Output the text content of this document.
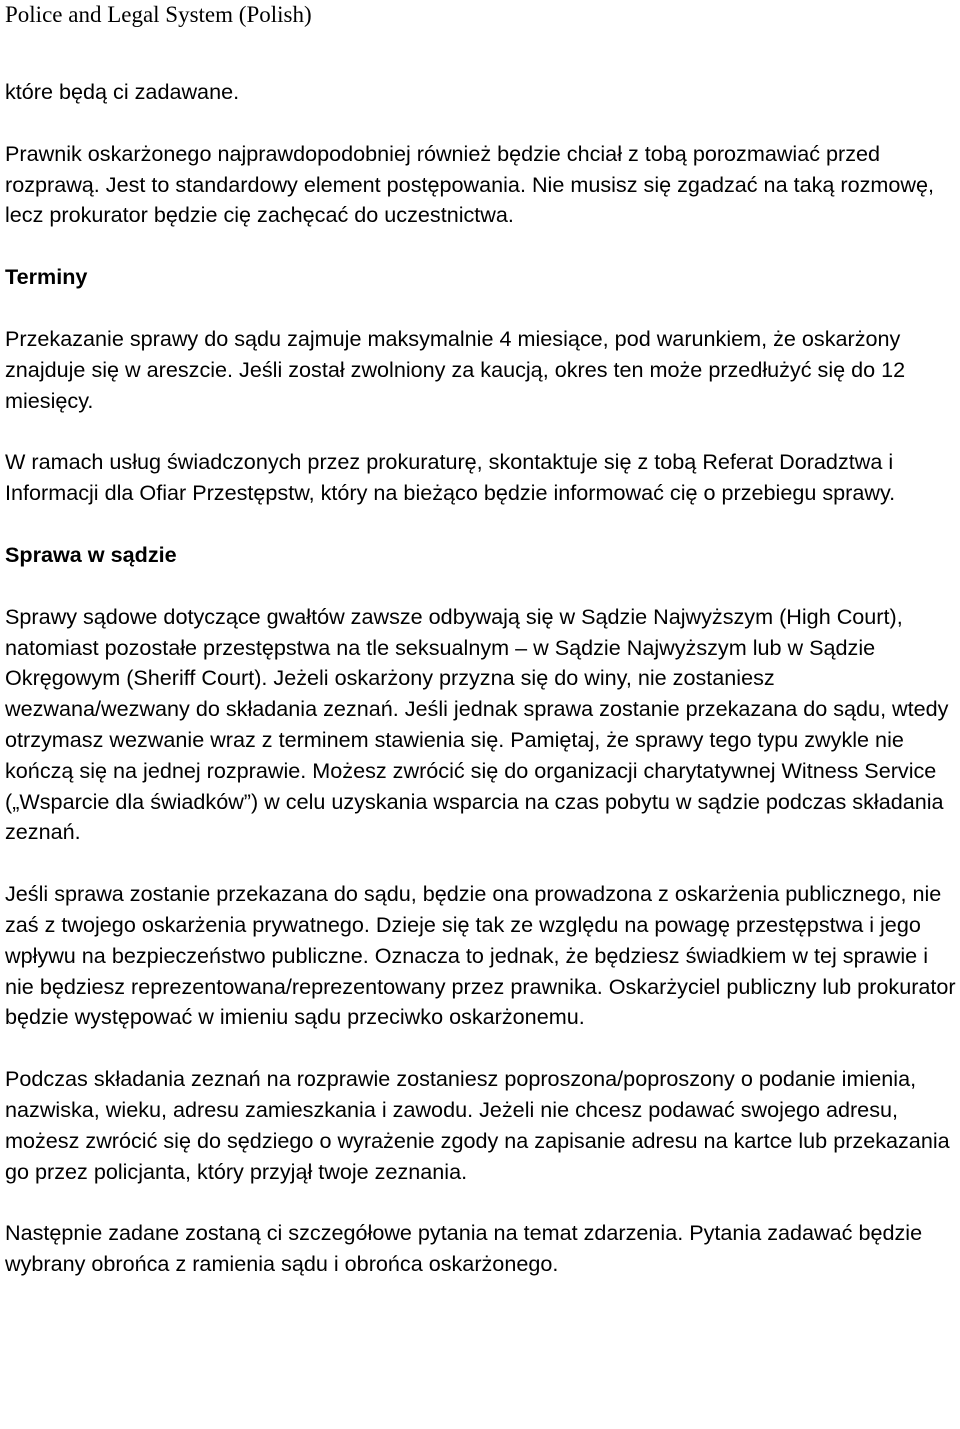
Police and Legal System (Polish)

które będą ci zadawane.

Prawnik oskarżonego najprawdopodobniej również będzie chciał z tobą porozmawiać przed rozprawą. Jest to standardowy element postępowania. Nie musisz się zgadzać na taką rozmowę, lecz prokurator będzie cię zachęcać do uczestnictwa.

Terminy

Przekazanie sprawy do sądu zajmuje maksymalnie 4 miesiące, pod warunkiem, że oskarżony znajduje się w areszcie. Jeśli został zwolniony za kaucją, okres ten może przedłużyć się do 12 miesięcy.

W ramach usług świadczonych przez prokuraturę, skontaktuje się z tobą Referat Doradztwa i Informacji dla Ofiar Przestępstw, który na bieżąco będzie informować cię o przebiegu sprawy.

Sprawa w sądzie

Sprawy sądowe dotyczące gwałtów zawsze odbywają się w Sądzie Najwyższym (High Court), natomiast pozostałe przestępstwa na tle seksualnym – w Sądzie Najwyższym lub w Sądzie Okręgowym (Sheriff Court). Jeżeli oskarżony przyzna się do winy, nie zostaniesz wezwana/wezwany do składania zeznań. Jeśli jednak sprawa zostanie przekazana do sądu, wtedy otrzymasz wezwanie wraz z terminem stawienia się. Pamiętaj, że sprawy tego typu zwykle nie kończą się na jednej rozprawie. Możesz zwrócić się do organizacji charytatywnej Witness Service („Wsparcie dla świadków”) w celu uzyskania wsparcia na czas pobytu w sądzie podczas składania zeznań.

Jeśli sprawa zostanie przekazana do sądu, będzie ona prowadzona z oskarżenia publicznego, nie zaś z twojego oskarżenia prywatnego. Dzieje się tak ze względu na powagę przestępstwa i jego wpływu na bezpieczeństwo publiczne. Oznacza to jednak, że będziesz świadkiem w tej sprawie i nie będziesz reprezentowana/reprezentowany przez prawnika. Oskarżyciel publiczny lub prokurator będzie występować w imieniu sądu przeciwko oskarżonemu.

Podczas składania zeznań na rozprawie zostaniesz poproszona/poproszony o podanie imienia, nazwiska, wieku, adresu zamieszkania i zawodu. Jeżeli nie chcesz podawać swojego adresu, możesz zwrócić się do sędziego o wyrażenie zgody na zapisanie adresu na kartce lub przekazania go przez policjanta, który przyjął twoje zeznania.

Następnie zadane zostaną ci szczegółowe pytania na temat zdarzenia. Pytania zadawać będzie wybrany obrońca z ramienia sądu i obrońca oskarżonego.
